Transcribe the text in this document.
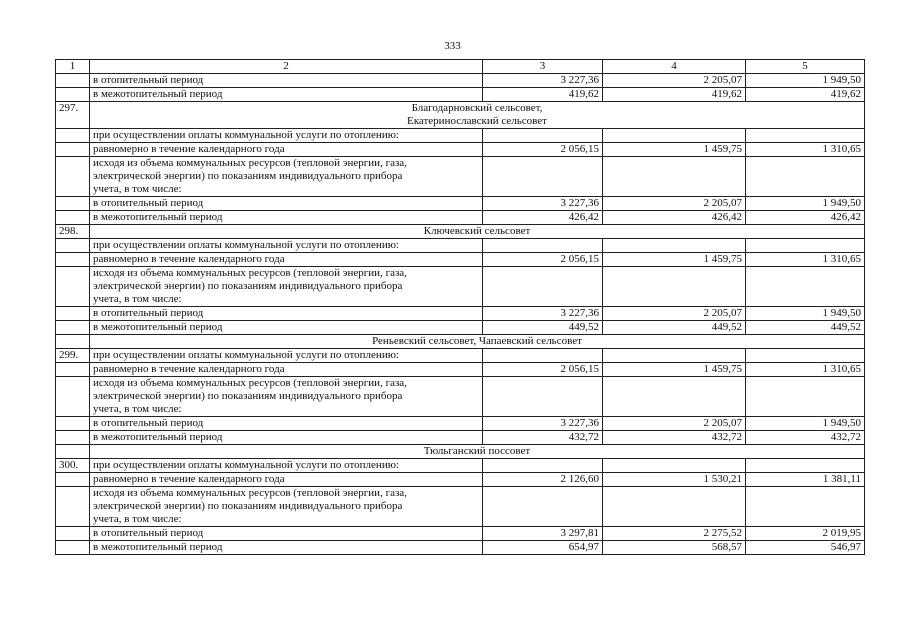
333
1	2	3	4	5
	в отопительный период	3 227,36	2 205,07	1 949,50
	в межотопительный период	419,62	419,62	419,62
297.	Благодарновский сельсовет,
Екатеринославский сельсовет			

	при осуществлении оплаты коммунальной услуги по отоплению:			
	равномерно в течение календарного года	2 056,15	1 459,75	1 310,65

	исходя из объема коммунальных ресурсов (тепловой энергии, газа,
электрической энергии) по показаниям индивидуального прибора
учета, в том числе:			

	в отопительный период	3 227,36	2 205,07	1 949,50
	в межотопительный период	426,42	426,42	426,42
298.	Ключевский сельсовет			

	при осуществлении оплаты коммунальной услуги по отоплению:			
	равномерно в течение календарного года	2 056,15	1 459,75	1 310,65

	исходя из объема коммунальных ресурсов (тепловой энергии, газа,
электрической энергии) по показаниям индивидуального прибора
учета, в том числе:			

	в отопительный период	3 227,36	2 205,07	1 949,50
	в межотопительный период	449,52	449,52	449,52

	Реньевский сельсовет, Чапаевский сельсовет			

299.	при осуществлении оплаты коммунальной услуги по отоплению:			
	равномерно в течение календарного года	2 056,15	1 459,75	1 310,65

	исходя из объема коммунальных ресурсов (тепловой энергии, газа,
электрической энергии) по показаниям индивидуального прибора
учета, в том числе:			

	в отопительный период	3 227,36	2 205,07	1 949,50
	в межотопительный период	432,72	432,72	432,72

	Тюльганский поссовет			

300.	при осуществлении оплаты коммунальной услуги по отоплению:			
	равномерно в течение календарного года	2 126,60	1 530,21	1 381,11

	исходя из объема коммунальных ресурсов (тепловой энергии, газа,
электрической энергии) по показаниям индивидуального прибора
учета, в том числе:			

	в отопительный период	3 297,81	2 275,52	2 019,95
	в межотопительный период	654,97	568,57	546,97
